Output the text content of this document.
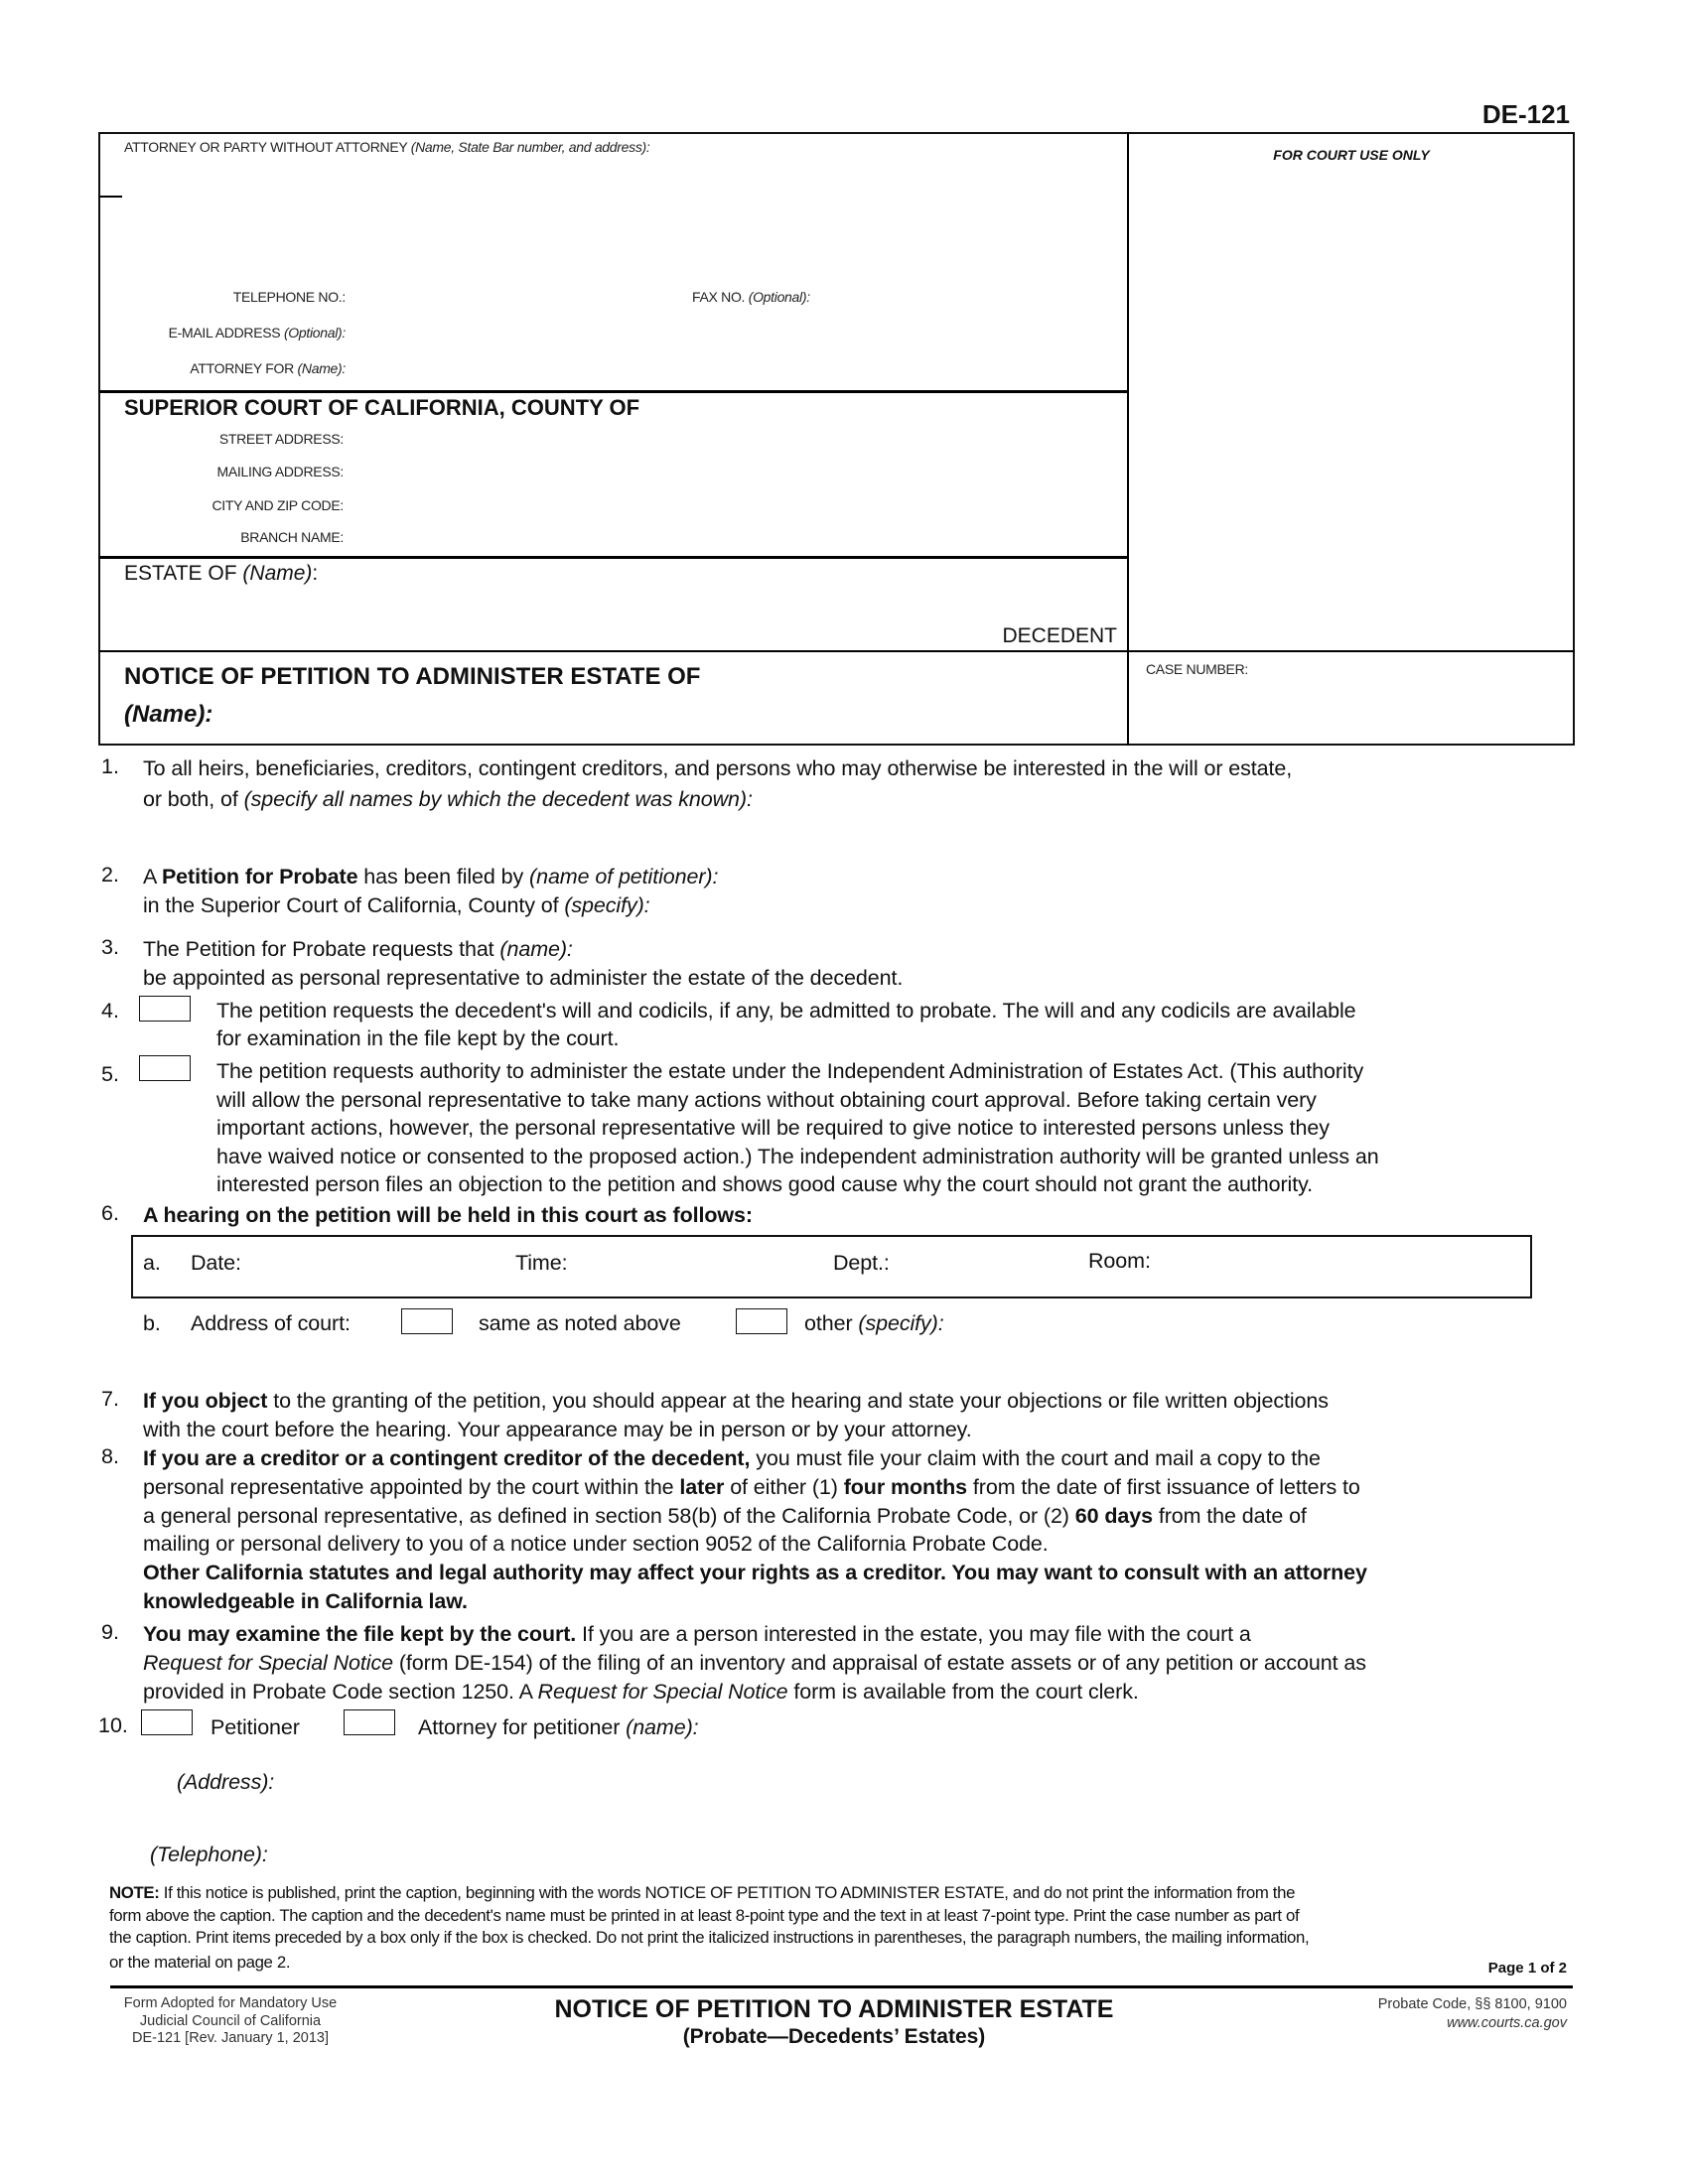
DE-121
ATTORNEY OR PARTY WITHOUT ATTORNEY (Name, State Bar number, and address):
TELEPHONE NO.:	FAX NO. (Optional):
E-MAIL ADDRESS (Optional):
ATTORNEY FOR (Name):
SUPERIOR COURT OF CALIFORNIA, COUNTY OF
STREET ADDRESS:
MAILING ADDRESS:
CITY AND ZIP CODE:
BRANCH NAME:
ESTATE OF (Name):
DECEDENT
FOR COURT USE ONLY
NOTICE OF PETITION TO ADMINISTER ESTATE OF
(Name):
CASE NUMBER:
1. To all heirs, beneficiaries, creditors, contingent creditors, and persons who may otherwise be interested in the will or estate,
or both, of (specify all names by which the decedent was known):
2. A Petition for Probate has been filed by (name of petitioner):
in the Superior Court of California, County of (specify):
3. The Petition for Probate requests that (name):
be appointed as personal representative to administer the estate of the decedent.
4.	The petition requests the decedent's will and codicils, if any, be admitted to probate. The will and any codicils are available
for examination in the file kept by the court.
5.	The petition requests authority to administer the estate under the Independent Administration of Estates Act. (This authority
will allow the personal representative to take many actions without obtaining court approval. Before taking certain very
important actions, however, the personal representative will be required to give notice to interested persons unless they
have waived notice or consented to the proposed action.) The independent administration authority will be granted unless an
interested person files an objection to the petition and shows good cause why the court should not grant the authority.
6. A hearing on the petition will be held in this court as follows:
a. Date:	Time:	Dept.:	Room:
b. Address of court:	same as noted above	other (specify):
7. If you object to the granting of the petition, you should appear at the hearing and state your objections or file written objections
with the court before the hearing. Your appearance may be in person or by your attorney.
8. If you are a creditor or a contingent creditor of the decedent, you must file your claim with the court and mail a copy to the
personal representative appointed by the court within the later of either (1) four months from the date of first issuance of letters to
a general personal representative, as defined in section 58(b) of the California Probate Code, or (2) 60 days from the date of
mailing or personal delivery to you of a notice under section 9052 of the California Probate Code.
Other California statutes and legal authority may affect your rights as a creditor. You may want to consult with an attorney
knowledgeable in California law.
9. You may examine the file kept by the court. If you are a person interested in the estate, you may file with the court a
Request for Special Notice (form DE-154) of the filing of an inventory and appraisal of estate assets or of any petition or account as
provided in Probate Code section 1250. A Request for Special Notice form is available from the court clerk.
10.	Petitioner	Attorney for petitioner (name):
(Address):
(Telephone):
NOTE: If this notice is published, print the caption, beginning with the words NOTICE OF PETITION TO ADMINISTER ESTATE, and do not print the information from the
form above the caption. The caption and the decedent's name must be printed in at least 8-point type and the text in at least 7-point type. Print the case number as part of
the caption. Print items preceded by a box only if the box is checked. Do not print the italicized instructions in parentheses, the paragraph numbers, the mailing information,
or the material on page 2.	Page 1 of 2
Form Adopted for Mandatory Use
Judicial Council of California
DE-121 [Rev. January 1, 2013]
NOTICE OF PETITION TO ADMINISTER ESTATE
(Probate—Decedents’ Estates)
Probate Code, §§ 8100, 9100
www.courts.ca.gov
